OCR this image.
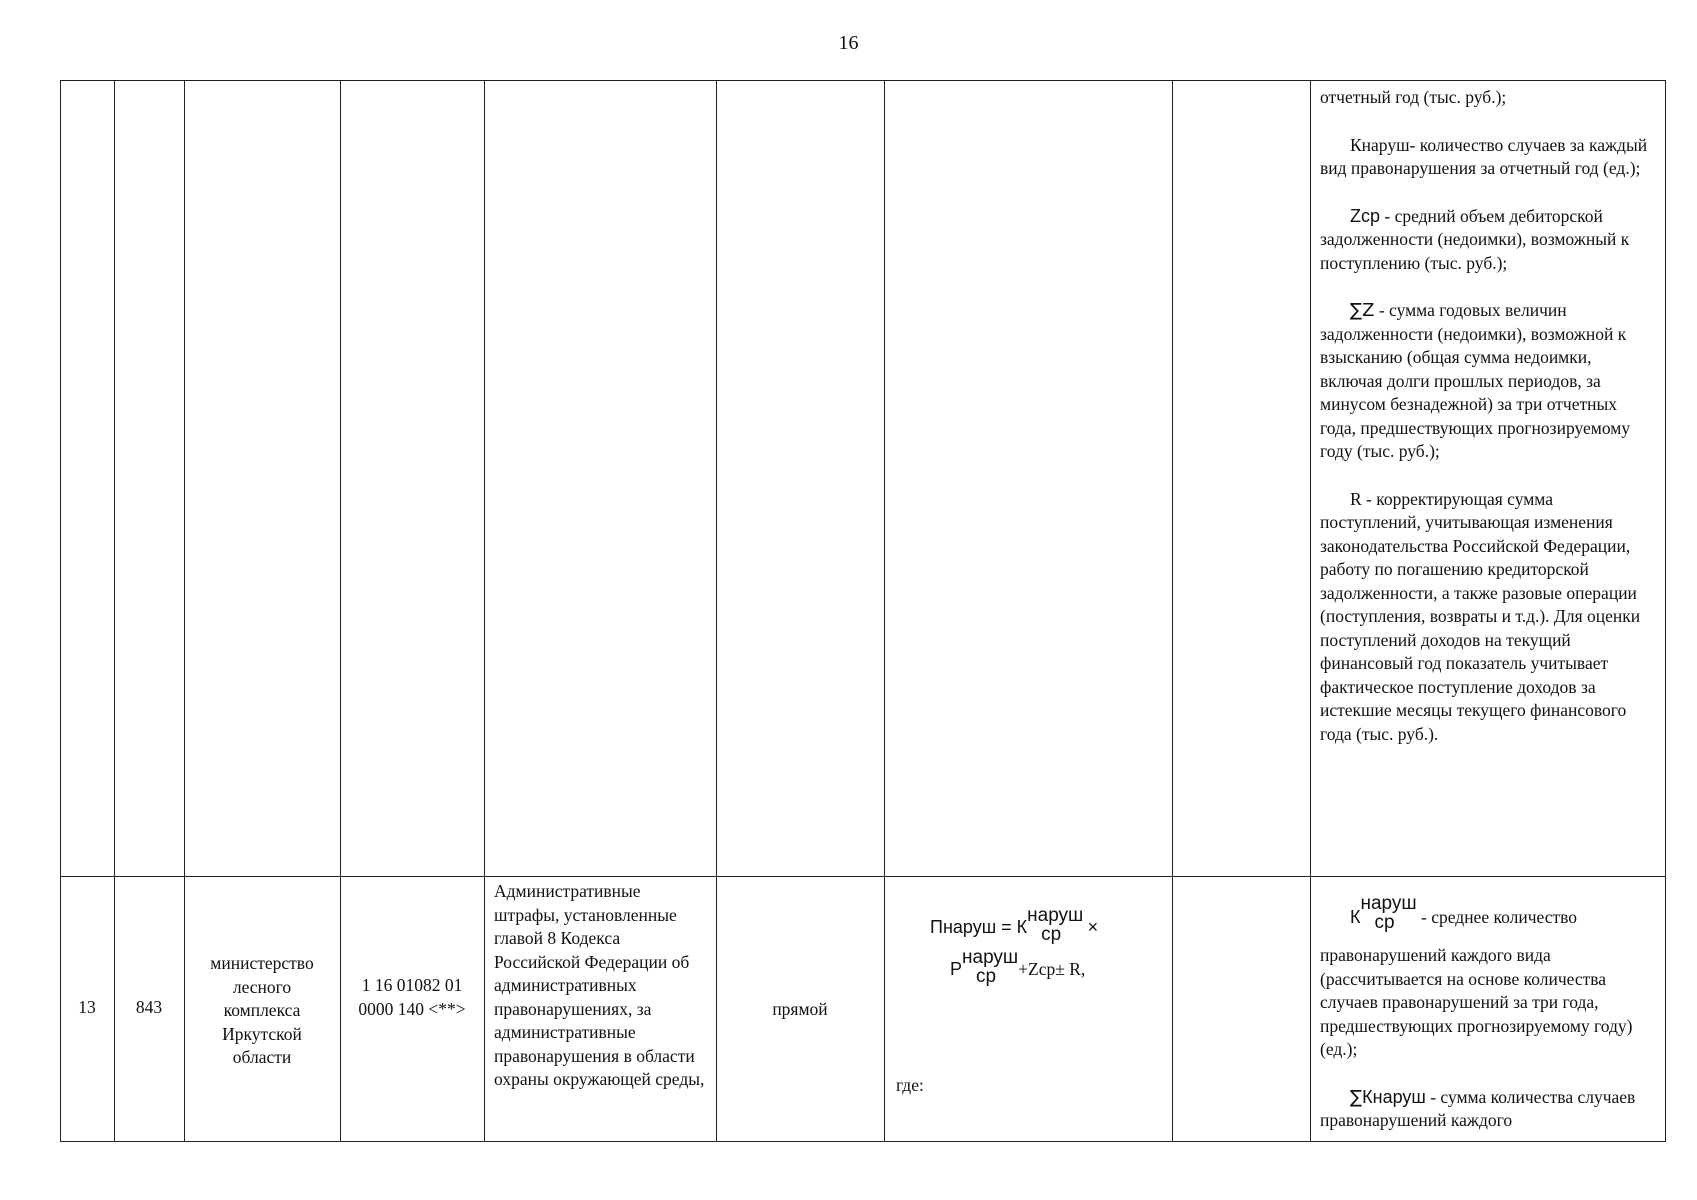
16
отчетный год (тыс. руб.);
Кнаруш- количество случаев за каждый вид правонарушения за отчетный год (ед.);
Zср - средний объем дебиторской задолженности (недоимки), возможный к поступлению (тыс. руб.);
∑Z - сумма годовых величин задолженности (недоимки), возможной к взысканию (общая сумма недоимки, включая долги прошлых периодов, за минусом безнадежной) за три отчетных года, предшествующих прогнозируемому году (тыс. руб.);
R - корректирующая сумма поступлений, учитывающая изменения законодательства Российской Федерации, работу по погашению кредиторской задолженности, а также разовые операции (поступления, возвраты и т.д.). Для оценки поступлений доходов на текущий финансовый год показатель учитывает фактическое поступление доходов за истекшие месяцы текущего финансового года (тыс. руб.).
13	843
министерство лесного комплекса Иркутской области
1 16 01082 01 0000 140 <**>
Административные штрафы, установленные главой 8 Кодекса Российской Федерации об административных правонарушениях, за административные правонарушения в области охраны окружающей среды,
прямой
Пнаруш = Кнаруш
ср ×
Рнаруш
ср +Zср± R,
где:
Кнаруш
ср - среднее количество правонарушений каждого вида (рассчитывается на основе количества случаев правонарушений за три года, предшествующих прогнозируемому году) (ед.);
∑Кнаруш - сумма количества случаев правонарушений каждого
